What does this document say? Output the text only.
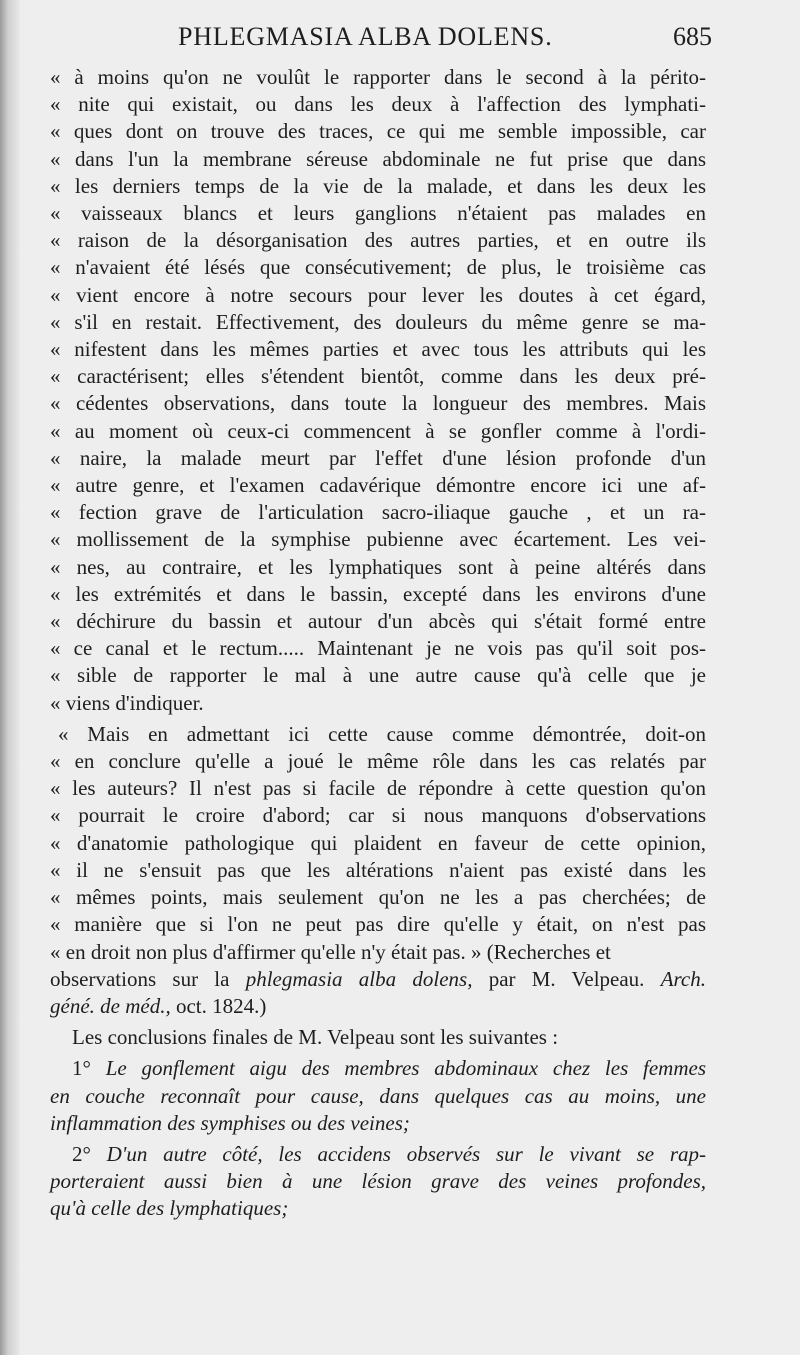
PHLEGMASIA ALBA DOLENS.	685
« à moins qu'on ne voulût le rapporter dans le second à la périto-
« nite qui existait, ou dans les deux à l'affection des lymphati-
« ques dont on trouve des traces, ce qui me semble impossible, car
« dans l'un la membrane séreuse abdominale ne fut prise que dans
« les derniers temps de la vie de la malade, et dans les deux les
« vaisseaux blancs et leurs ganglions n'étaient pas malades en
« raison de la désorganisation des autres parties, et en outre ils
« n'avaient été lésés que consécutivement; de plus, le troisième cas
« vient encore à notre secours pour lever les doutes à cet égard,
« s'il en restait. Effectivement, des douleurs du même genre se ma-
« nifestent dans les mêmes parties et avec tous les attributs qui les
« caractérisent; elles s'étendent bientôt, comme dans les deux pré-
« cédentes observations, dans toute la longueur des membres. Mais
« au moment où ceux-ci commencent à se gonfler comme à l'ordi-
« naire, la malade meurt par l'effet d'une lésion profonde d'un
« autre genre, et l'examen cadavérique démontre encore ici une af-
« fection grave de l'articulation sacro-iliaque gauche , et un ra-
« mollissement de la symphise pubienne avec écartement. Les vei-
« nes, au contraire, et les lymphatiques sont à peine altérés dans
« les extrémités et dans le bassin, excepté dans les environs d'une
« déchirure du bassin et autour d'un abcès qui s'était formé entre
« ce canal et le rectum..... Maintenant je ne vois pas qu'il soit pos-
« sible de rapporter le mal à une autre cause qu'à celle que je
« viens d'indiquer.
« Mais en admettant ici cette cause comme démontrée, doit-on
« en conclure qu'elle a joué le même rôle dans les cas relatés par
« les auteurs? Il n'est pas si facile de répondre à cette question qu'on
« pourrait le croire d'abord; car si nous manquons d'observations
« d'anatomie pathologique qui plaident en faveur de cette opinion,
« il ne s'ensuit pas que les altérations n'aient pas existé dans les
« mêmes points, mais seulement qu'on ne les a pas cherchées; de
« manière que si l'on ne peut pas dire qu'elle y était, on n'est pas
« en droit non plus d'affirmer qu'elle n'y était pas. » (Recherches et
observations sur la phlegmasia alba dolens, par M. Velpeau. Arch.
géné. de méd., oct. 1824.)
Les conclusions finales de M. Velpeau sont les suivantes :
1° Le gonflement aigu des membres abdominaux chez les femmes
en couche reconnaît pour cause, dans quelques cas au moins, une
inflammation des symphises ou des veines;
2° D'un autre côté, les accidens observés sur le vivant se rap-
porteraient aussi bien à une lésion grave des veines profondes,
qu'à celle des lymphatiques;
